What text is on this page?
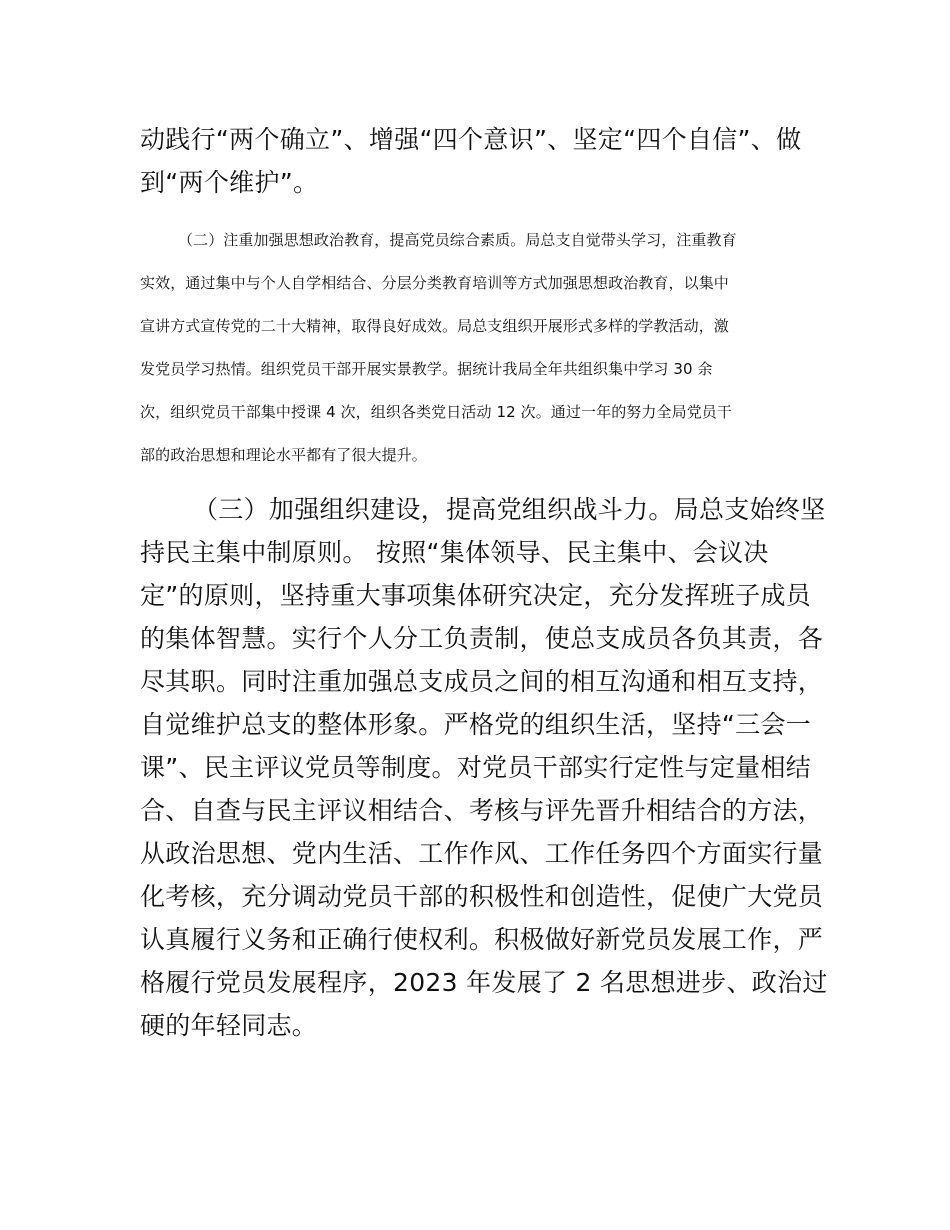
动践行“两个确立”、增强“四个意识”、坚定“四个自信”、做
到“两个维护”。
（二）注重加强思想政治教育，提高党员综合素质。局总支自觉带头学习，注重教育
实效，通过集中与个人自学相结合、分层分类教育培训等方式加强思想政治教育，以集中
宣讲方式宣传党的二十大精神，取得良好成效。局总支组织开展形式多样的学教活动，激
发党员学习热情。组织党员干部开展实景教学。据统计我局全年共组织集中学习 30 余
次，组织党员干部集中授课 4 次，组织各类党日活动 12 次。通过一年的努力全局党员干
部的政治思想和理论水平都有了很大提升。
（三）加强组织建设，提高党组织战斗力。局总支始终坚
持民主集中制原则。 按照“集体领导、民主集中、会议决
定”的原则，坚持重大事项集体研究决定，充分发挥班子成员
的集体智慧。实行个人分工负责制，使总支成员各负其责，各
尽其职。同时注重加强总支成员之间的相互沟通和相互支持，
自觉维护总支的整体形象。严格党的组织生活，坚持“三会一
课”、民主评议党员等制度。对党员干部实行定性与定量相结
合、自查与民主评议相结合、考核与评先晋升相结合的方法，
从政治思想、党内生活、工作作风、工作任务四个方面实行量
化考核，充分调动党员干部的积极性和创造性，促使广大党员
认真履行义务和正确行使权利。积极做好新党员发展工作，严
格履行党员发展程序，2023 年发展了 2 名思想进步、政治过
硬的年轻同志。
